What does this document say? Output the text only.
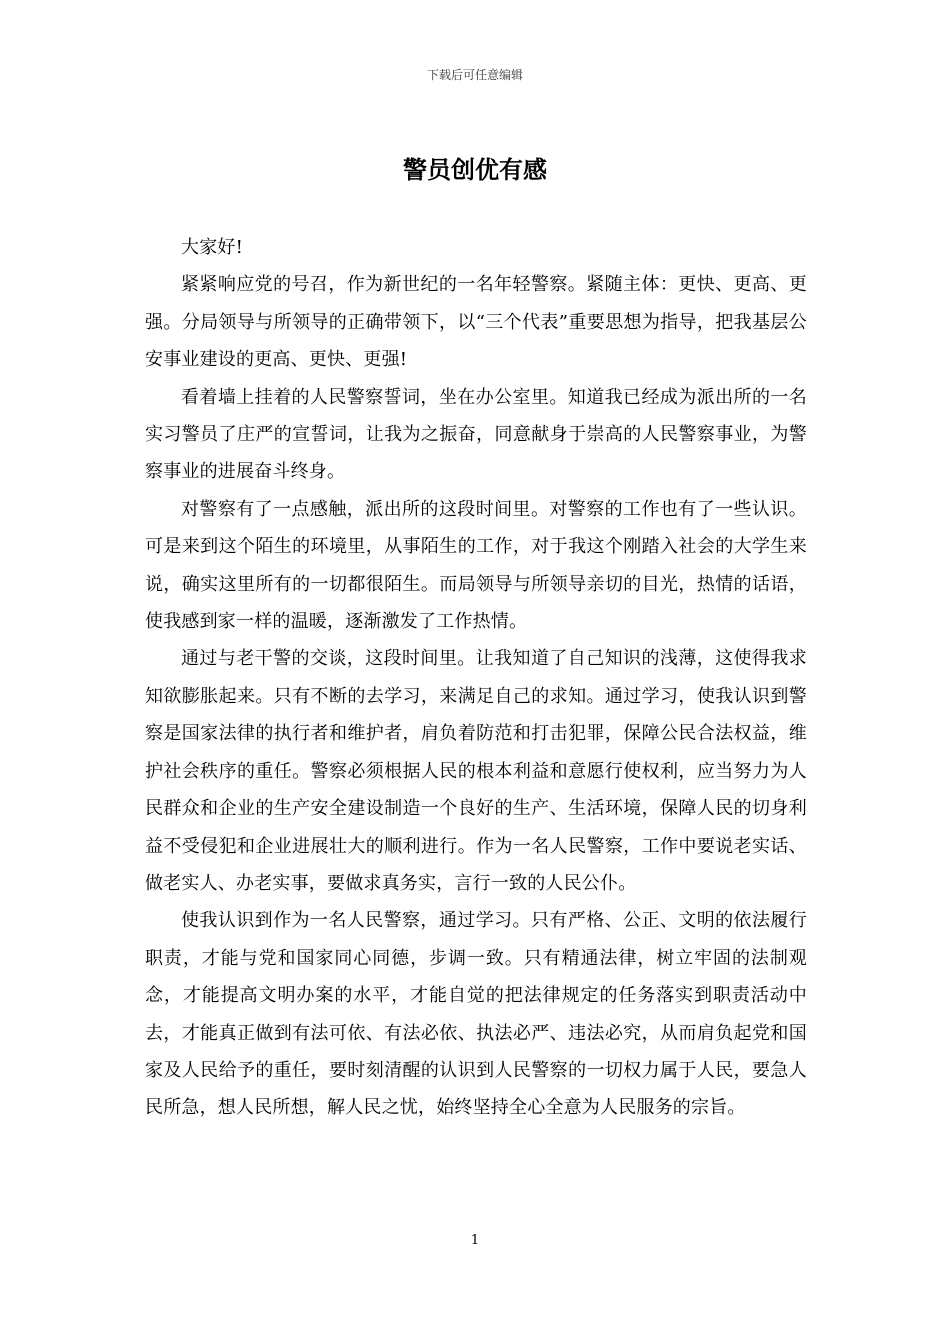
下载后可任意编辑
警员创优有感

大家好!

紧紧响应党的号召，作为新世纪的一名年轻警察。紧随主体：更快、更高、更强。分局领导与所领导的正确带领下，以“三个代表”重要思想为指导，把我基层公安事业建设的更高、更快、更强!

看着墙上挂着的人民警察誓词，坐在办公室里。知道我已经成为派出所的一名实习警员了庄严的宣誓词，让我为之振奋，同意献身于崇高的人民警察事业，为警察事业的进展奋斗终身。

对警察有了一点感触，派出所的这段时间里。对警察的工作也有了一些认识。可是来到这个陌生的环境里，从事陌生的工作，对于我这个刚踏入社会的大学生来说，确实这里所有的一切都很陌生。而局领导与所领导亲切的目光，热情的话语，使我感到家一样的温暖，逐渐激发了工作热情。

通过与老干警的交谈，这段时间里。让我知道了自己知识的浅薄，这使得我求知欲膨胀起来。只有不断的去学习，来满足自己的求知。通过学习，使我认识到警察是国家法律的执行者和维护者，肩负着防范和打击犯罪，保障公民合法权益，维护社会秩序的重任。警察必须根据人民的根本利益和意愿行使权利，应当努力为人民群众和企业的生产安全建设制造一个良好的生产、生活环境，保障人民的切身利益不受侵犯和企业进展壮大的顺利进行。作为一名人民警察，工作中要说老实话、做老实人、办老实事，要做求真务实，言行一致的人民公仆。

使我认识到作为一名人民警察，通过学习。只有严格、公正、文明的依法履行职责，才能与党和国家同心同德，步调一致。只有精通法律，树立牢固的法制观念，才能提高文明办案的水平，才能自觉的把法律规定的任务落实到职责活动中去，才能真正做到有法可依、有法必依、执法必严、违法必究，从而肩负起党和国家及人民给予的重任，要时刻清醒的认识到人民警察的一切权力属于人民，要急人民所急，想人民所想，解人民之忧，始终坚持全心全意为人民服务的宗旨。

1
